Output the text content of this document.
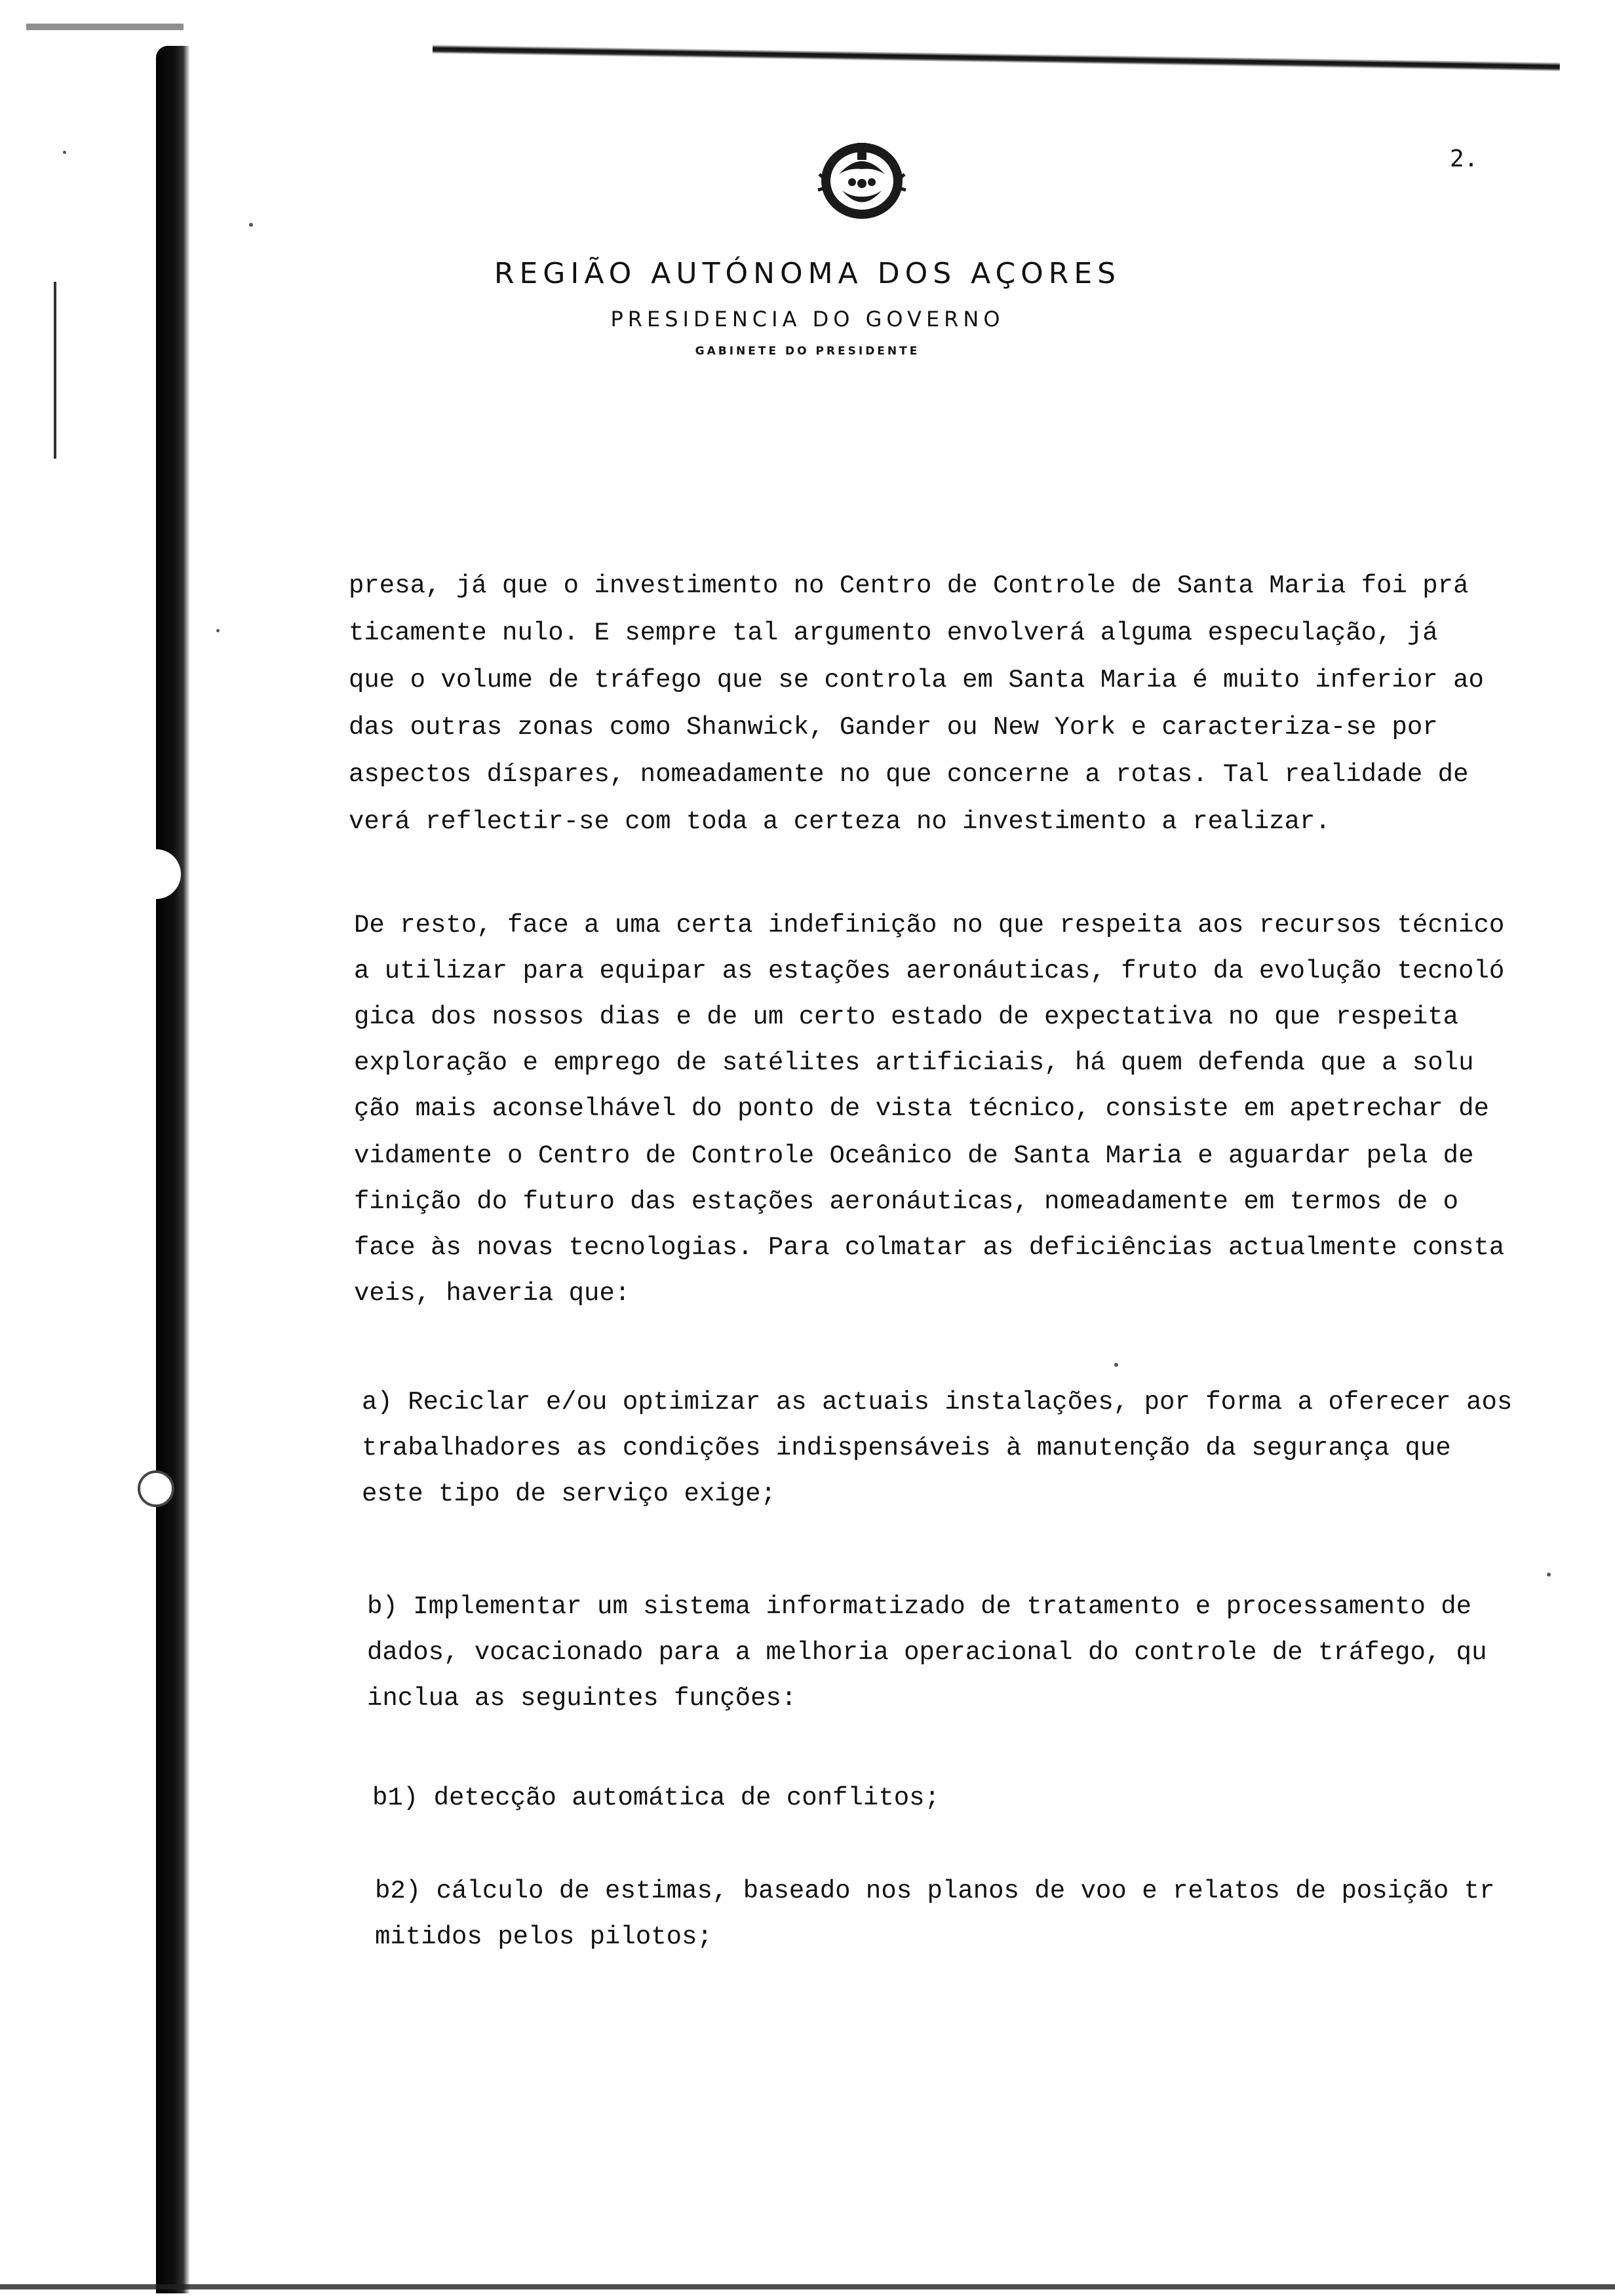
2.
REGIÃO AUTÓNOMA DOS AÇORES
PRESIDENCIA DO GOVERNO
GABINETE DO PRESIDENTE
presa, já que o investimento no Centro de Controle de Santa Maria foi prá
ticamente nulo. E sempre tal argumento envolverá alguma especulação, já
que o volume de tráfego que se controla em Santa Maria é muito inferior ao
das outras zonas como Shanwick, Gander ou New York e caracteriza-se por
aspectos díspares, nomeadamente no que concerne a rotas. Tal realidade de
verá reflectir-se com toda a certeza no investimento a realizar.
De resto, face a uma certa indefinição no que respeita aos recursos técnico
a utilizar para equipar as estações aeronáuticas, fruto da evolução tecnoló
gica dos nossos dias e de um certo estado de expectativa no que respeita
exploração e emprego de satélites artificiais, há quem defenda que a solu
ção mais aconselhável do ponto de vista técnico, consiste em apetrechar de
vidamente o Centro de Controle Oceânico de Santa Maria e aguardar pela de
finição do futuro das estações aeronáuticas, nomeadamente em termos de o
face às novas tecnologias. Para colmatar as deficiências actualmente consta
veis, haveria que:
a) Reciclar e/ou optimizar as actuais instalações, por forma a oferecer aos
trabalhadores as condições indispensáveis à manutenção da segurança que
este tipo de serviço exige;
b) Implementar um sistema informatizado de tratamento e processamento de
dados, vocacionado para a melhoria operacional do controle de tráfego, qu
inclua as seguintes funções:
b1) detecção automática de conflitos;
b2) cálculo de estimas, baseado nos planos de voo e relatos de posição tr
mitidos pelos pilotos;
